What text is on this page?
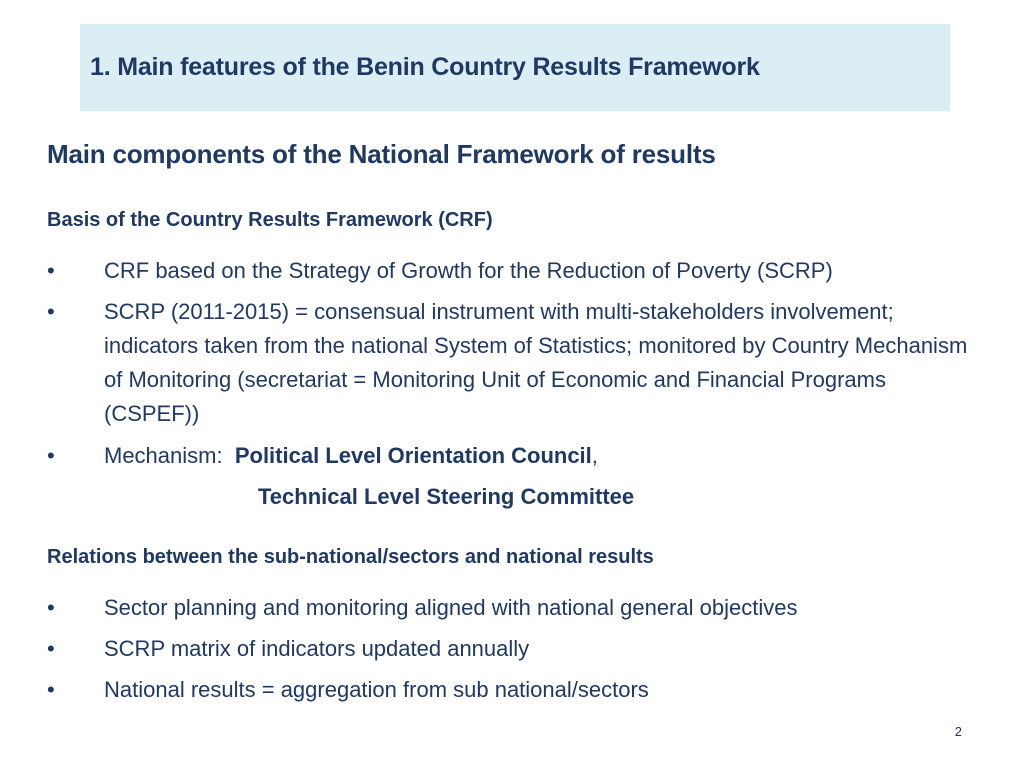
1. Main features of the Benin Country Results Framework
Main components of the National Framework of results
Basis of the Country Results Framework (CRF)
•	CRF based on the Strategy of Growth for the Reduction of Poverty (SCRP)
•	SCRP (2011-2015) = consensual instrument with multi-stakeholders involvement; indicators taken from the national System of Statistics; monitored by Country Mechanism of Monitoring (secretariat = Monitoring Unit of Economic and Financial Programs (CSPEF))
•	Mechanism: Political Level Orientation Council,
Technical Level Steering Committee
Relations between the sub-national/sectors and national results
•	Sector planning and monitoring aligned with national general objectives
•	SCRP matrix of indicators updated annually
•	National results = aggregation from sub national/sectors
2
